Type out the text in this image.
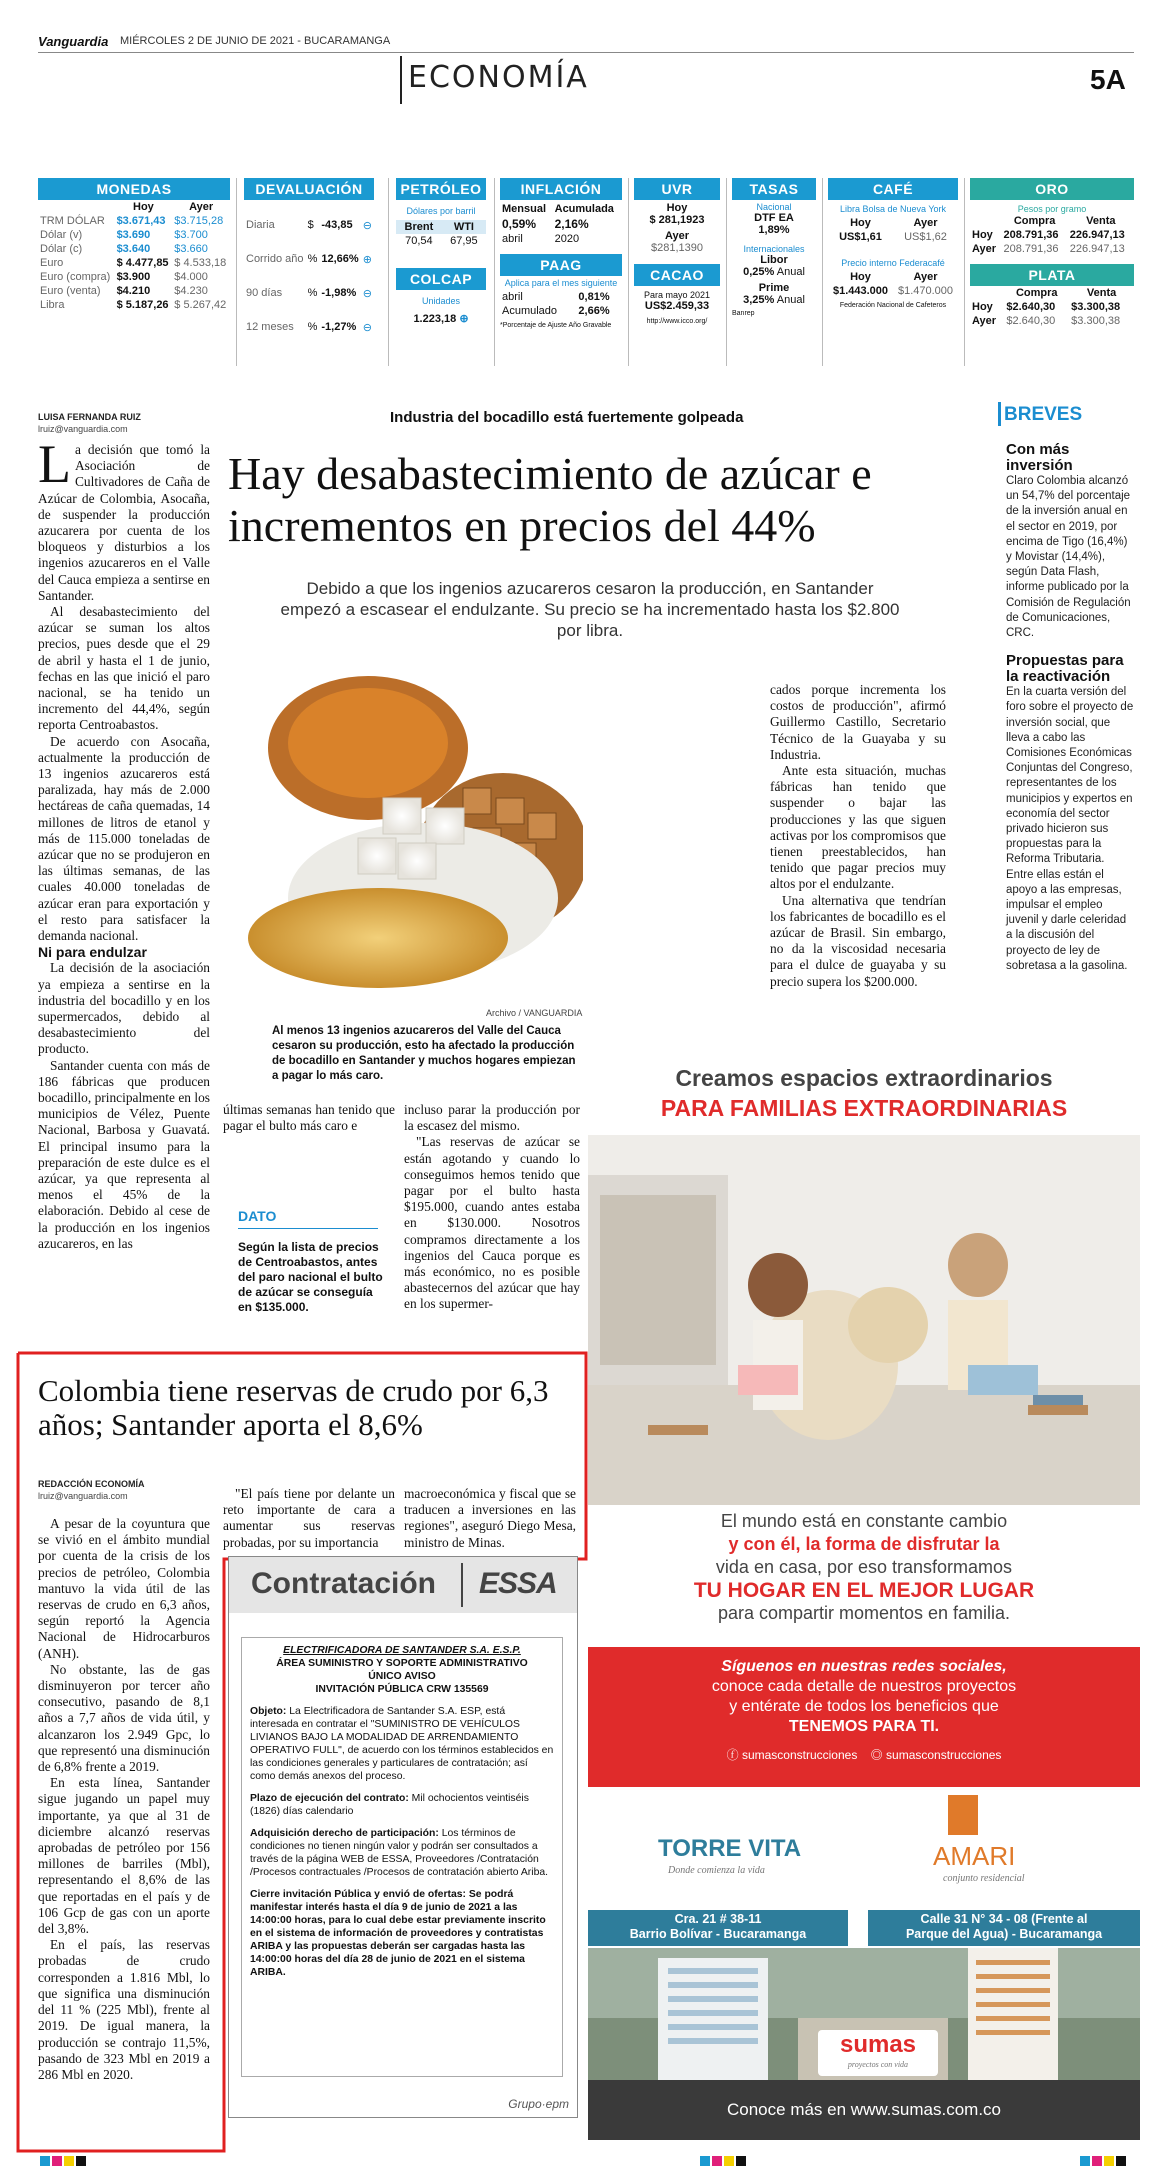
Vanguardia MIÉRCOLES 2 DE JUNIO DE 2021 - BUCARAMANGA
ECONOMÍA	5A
MONEDAS
	Hoy	Ayer
TRM DÓLAR	$3.671,43	$3.715,28
Dólar (v)	$3.690	$3.700
Dólar (c)	$3.640	$3.660
Euro	$ 4.477,85	$ 4.533,18
Euro (compra)	$3.900	$4.000
Euro (venta)	$4.210	$4.230
Libra	$ 5.187,26	$ 5.267,42
DEVALUACIÓN
Diaria	$	-43,85	⊖
Corrido año	%	12,66%	⊕
90 días	%	-1,98%	⊖
12 meses	%	-1,27%	⊖
PETRÓLEO
Dólares por barril
Brent	WTI
70,54	67,95
COLCAP
Unidades
1.223,18 ⊕
INFLACIÓN
Mensual	Acumulada
0,59%	2,16%
abril	2020
PAAG
Aplica para el mes siguiente
abril	0,81%
Acumulado	2,66%
*Porcentaje de Ajuste Año Gravable
UVR
Hoy
$ 281,1923
Ayer
$281,1390
CACAO
Para mayo 2021
US$2.459,33
http://www.icco.org/
TASAS
Nacional
DTF EA
1,89%
Internacionales
Libor
0,25% Anual
Prime
3,25% Anual
Banrep
CAFÉ
Libra Bolsa de Nueva York
Hoy	Ayer
US$1,61	US$1,62
Precio interno Federacafé
Hoy	Ayer
$1.443.000	$1.470.000
Federación Nacional de Cafeteros
ORO
Pesos por gramo
	Compra	Venta
Hoy	208.791,36	226.947,13
Ayer	208.791,36	226.947,13
PLATA
	Compra	Venta
Hoy	$2.640,30	$3.300,38
Ayer	$2.640,30	$3.300,38
LUISA FERNANDA RUIZ
lruiz@vanguardia.com
Industria del bocadillo está fuertemente golpeada
Hay desabastecimiento de azúcar e incrementos en precios del 44%
Debido a que los ingenios azucareros cesaron la producción, en Santander empezó a escasear el endulzante. Su precio se ha incrementado hasta los $2.800 por libra.

La decisión que tomó la Asociación de Cultivadores de Caña de Azúcar de Colombia, Asocaña, de suspender la producción azucarera por cuenta de los bloqueos y disturbios a los ingenios azucareros en el Valle del Cauca empieza a sentirse en Santander.

Al desabastecimiento del azúcar se suman los altos precios, pues desde que el 29 de abril y hasta el 1 de junio, fechas en las que inició el paro nacional, se ha tenido un incremento del 44,4%, según reporta Centroabastos.

De acuerdo con Asocaña, actualmente la producción de 13 ingenios azucareros está paralizada, hay más de 2.000 hectáreas de caña quemadas, 14 millones de litros de etanol y más de 115.000 toneladas de azúcar que no se produjeron en las últimas semanas, de las cuales 40.000 toneladas de azúcar eran para exportación y el resto para satisfacer la demanda nacional.

Ni para endulzar

La decisión de la asociación ya empieza a sentirse en la industria del bocadillo y en los supermercados, debido al desabastecimiento del producto.

Santander cuenta con más de 186 fábricas que producen bocadillo, principalmente en los municipios de Vélez, Puente Nacional, Barbosa y Guavatá. El principal insumo para la preparación de este dulce es el azúcar, ya que representa al menos el 45% de la elaboración. Debido al cese de la producción en los ingenios azucareros, en las

Archivo / VANGUARDIA
Al menos 13 ingenios azucareros del Valle del Cauca cesaron su producción, esto ha afectado la producción de bocadillo en Santander y muchos hogares empiezan a pagar lo más caro.

últimas semanas han tenido que pagar el bulto más caro e

incluso parar la producción por la escasez del mismo.

"Las reservas de azúcar se están agotando y cuando lo conseguimos hemos tenido que pagar por el bulto hasta $195.000, cuando antes estaba en $130.000. Nosotros compramos directamente a los ingenios del Cauca porque es más económico, no es posible abastecernos del azúcar que hay en los supermer-

cados porque incrementa los costos de producción", afirmó Guillermo Castillo, Secretario Técnico de la Guayaba y su Industria.

Ante esta situación, muchas fábricas han tenido que suspender o bajar las producciones y las que siguen activas por los compromisos que tienen preestablecidos, han tenido que pagar precios muy altos por el endulzante.

Una alternativa que tendrían los fabricantes de bocadillo es el azúcar de Brasil. Sin embargo, no da la viscosidad necesaria para el dulce de guayaba y su precio supera los $200.000.

DATO
Según la lista de precios de Centroabastos, antes del paro nacional el bulto de azúcar se conseguía en $135.000.
BREVES
Con más inversión
Claro Colombia alcanzó un 54,7% del porcentaje de la inversión anual en el sector en 2019, por encima de Tigo (16,4%) y Movistar (14,4%), según Data Flash, informe publicado por la Comisión de Regulación de Comunicaciones, CRC.
Propuestas para la reactivación
En la cuarta versión del foro sobre el proyecto de inversión social, que lleva a cabo las Comisiones Económicas Conjuntas del Congreso, representantes de los municipios y expertos en economía del sector privado hicieron sus propuestas para la Reforma Tributaria. Entre ellas están el apoyo a las empresas, impulsar el empleo juvenil y darle celeridad a la discusión del proyecto de ley de sobretasa a la gasolina.
Colombia tiene reservas de crudo por 6,3 años; Santander aporta el 8,6%
REDACCIÓN ECONOMÍA
lruiz@vanguardia.com

A pesar de la coyuntura que se vivió en el ámbito mundial por cuenta de la crisis de los precios de petróleo, Colombia mantuvo la vida útil de las reservas de crudo en 6,3 años, según reportó la Agencia Nacional de Hidrocarburos (ANH).

No obstante, las de gas disminuyeron por tercer año consecutivo, pasando de 8,1 años a 7,7 años de vida útil, y alcanzaron los 2.949 Gpc, lo que representó una disminución de 6,8% frente a 2019.

En esta línea, Santander sigue jugando un papel muy importante, ya que al 31 de diciembre alcanzó reservas aprobadas de petróleo por 156 millones de barriles (Mbl), representando el 8,6% de las que reportadas en el país y de 106 Gcp de gas con un aporte del 3,8%.

En el país, las reservas probadas de crudo corresponden a 1.816 Mbl, lo que significa una disminución del 11 % (225 Mbl), frente al 2019. De igual manera, la producción se contrajo 11,5%, pasando de 323 Mbl en 2019 a 286 Mbl en 2020.

"El país tiene por delante un reto importante de cara a aumentar sus reservas probadas, por su importancia

macroeconómica y fiscal que se traducen a inversiones en las regiones", aseguró Diego Mesa, ministro de Minas.

Contratación ESSA
ELECTRIFICADORA DE SANTANDER S.A. E.S.P.
ÁREA SUMINISTRO Y SOPORTE ADMINISTRATIVO
ÚNICO AVISO
INVITACIÓN PÚBLICA CRW 135569

Objeto: La Electrificadora de Santander S.A. ESP, está interesada en contratar el "SUMINISTRO DE VEHÍCULOS LIVIANOS BAJO LA MODALIDAD DE ARRENDAMIENTO OPERATIVO FULL", de acuerdo con los términos establecidos en las condiciones generales y particulares de contratación; así como demás anexos del proceso.

Plazo de ejecución del contrato: Mil ochocientos veintiséis (1826) días calendario

Adquisición derecho de participación: Los términos de condiciones no tienen ningún valor y podrán ser consultados a través de la página WEB de ESSA, Proveedores /Contratación /Procesos contractuales /Procesos de contratación abierto Ariba.

Cierre invitación Pública y envió de ofertas: Se podrá manifestar interés hasta el día 9 de junio de 2021 a las 14:00:00 horas, para lo cual debe estar previamente inscrito en el sistema de información de proveedores y contratistas ARIBA y las propuestas deberán ser cargadas hasta las 14:00:00 horas del día 28 de junio de 2021 en el sistema ARIBA.

Grupo·epm
Creamos espacios extraordinarios
PARA FAMILIAS EXTRAORDINARIAS
El mundo está en constante cambio
y con él, la forma de disfrutar la
vida en casa, por eso transformamos
TU HOGAR EN EL MEJOR LUGAR
para compartir momentos en familia.
Síguenos en nuestras redes sociales,
conoce cada detalle de nuestros proyectos
y entérate de todos los beneficios que
TENEMOS PARA TI.
ⓕ sumasconstrucciones ◎ sumasconstrucciones
TORRE VITA
Donde comienza la vida	AMARI
conjunto residencial
Cra. 21 # 38-11
Barrio Bolívar - Bucaramanga
Calle 31 N° 34 - 08 (Frente al
Parque del Agua) - Bucaramanga
sumas
proyectos con vida
Conoce más en www.sumas.com.co
